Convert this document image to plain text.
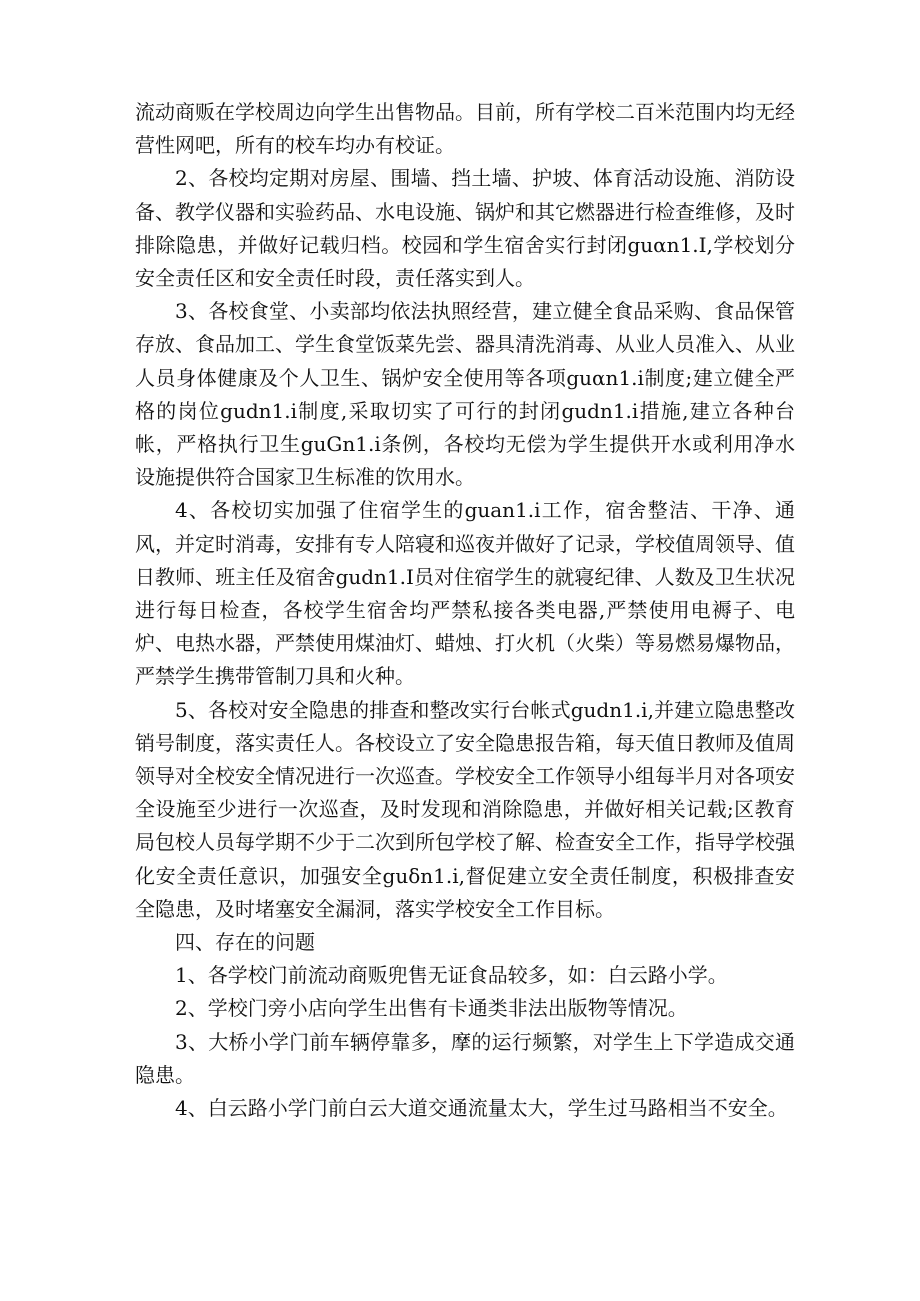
流动商贩在学校周边向学生出售物品。目前，所有学校二百米范围内均无经营性网吧，所有的校车均办有校证。

2、各校均定期对房屋、围墙、挡土墙、护坡、体育活动设施、消防设备、教学仪器和实验药品、水电设施、锅炉和其它燃器进行检查维修，及时排除隐患，并做好记载归档。校园和学生宿舍实行封闭guαn1.I,学校划分安全责任区和安全责任时段，责任落实到人。

3、各校食堂、小卖部均依法执照经营，建立健全食品采购、食品保管存放、食品加工、学生食堂饭菜先尝、器具清洗消毒、从业人员准入、从业人员身体健康及个人卫生、锅炉安全使用等各项guαn1.i制度;建立健全严格的岗位gudn1.i制度,采取切实了可行的封闭gudn1.i措施,建立各种台帐，严格执行卫生guGn1.i条例，各校均无偿为学生提供开水或利用净水设施提供符合国家卫生标准的饮用水。

4、各校切实加强了住宿学生的guan1.i工作，宿舍整洁、干净、通风，并定时消毒，安排有专人陪寝和巡夜并做好了记录，学校值周领导、值日教师、班主任及宿舍gudn1.I员对住宿学生的就寝纪律、人数及卫生状况进行每日检查，各校学生宿舍均严禁私接各类电器,严禁使用电褥子、电炉、电热水器，严禁使用煤油灯、蜡烛、打火机（火柴）等易燃易爆物品，严禁学生携带管制刀具和火种。

5、各校对安全隐患的排查和整改实行台帐式gudn1.i,并建立隐患整改销号制度，落实责任人。各校设立了安全隐患报告箱，每天值日教师及值周领导对全校安全情况进行一次巡查。学校安全工作领导小组每半月对各项安全设施至少进行一次巡查，及时发现和消除隐患，并做好相关记载;区教育局包校人员每学期不少于二次到所包学校了解、检查安全工作，指导学校强化安全责任意识，加强安全guδn1.i,督促建立安全责任制度，积极排查安全隐患，及时堵塞安全漏洞，落实学校安全工作目标。

四、存在的问题

1、各学校门前流动商贩兜售无证食品较多，如：白云路小学。

2、学校门旁小店向学生出售有卡通类非法出版物等情况。

3、大桥小学门前车辆停靠多，摩的运行频繁，对学生上下学造成交通隐患。

4、白云路小学门前白云大道交通流量太大，学生过马路相当不安全。
